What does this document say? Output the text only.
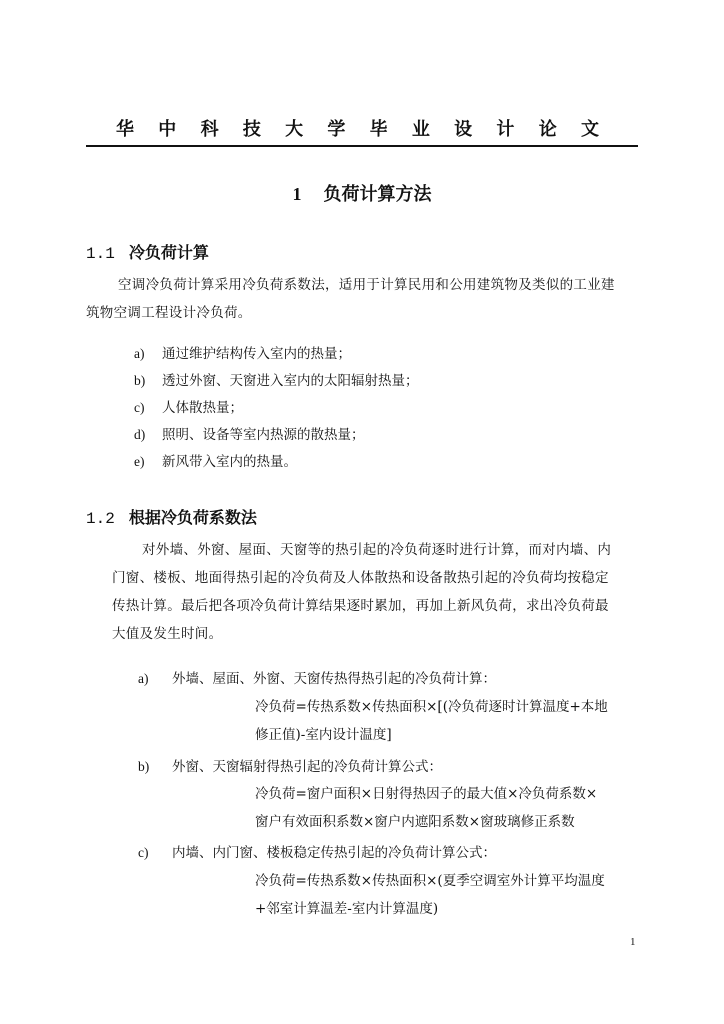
华 中 科 技 大 学 毕 业 设 计 论 文
1 负荷计算方法
1.1 冷负荷计算
空调冷负荷计算采用冷负荷系数法，适用于计算民用和公用建筑物及类似的工业建
筑物空调工程设计冷负荷。
a) 通过维护结构传入室内的热量；
b) 透过外窗、天窗进入室内的太阳辐射热量；
c) 人体散热量；
d) 照明、设备等室内热源的散热量；
e) 新风带入室内的热量。
1.2 根据冷负荷系数法
对外墙、外窗、屋面、天窗等的热引起的冷负荷逐时进行计算，而对内墙、内
门窗、楼板、地面得热引起的冷负荷及人体散热和设备散热引起的冷负荷均按稳定
传热计算。最后把各项冷负荷计算结果逐时累加，再加上新风负荷，求出冷负荷最
大值及发生时间。
a) 外墙、屋面、外窗、天窗传热得热引起的冷负荷计算：
冷负荷=传热系数×传热面积×[(冷负荷逐时计算温度+本地
修正值)-室内设计温度]
b) 外窗、天窗辐射得热引起的冷负荷计算公式：
冷负荷=窗户面积×日射得热因子的最大值×冷负荷系数×
窗户有效面积系数×窗户内遮阳系数×窗玻璃修正系数
c) 内墙、内门窗、楼板稳定传热引起的冷负荷计算公式：
冷负荷=传热系数×传热面积×(夏季空调室外计算平均温度
+邻室计算温差-室内计算温度)
1
